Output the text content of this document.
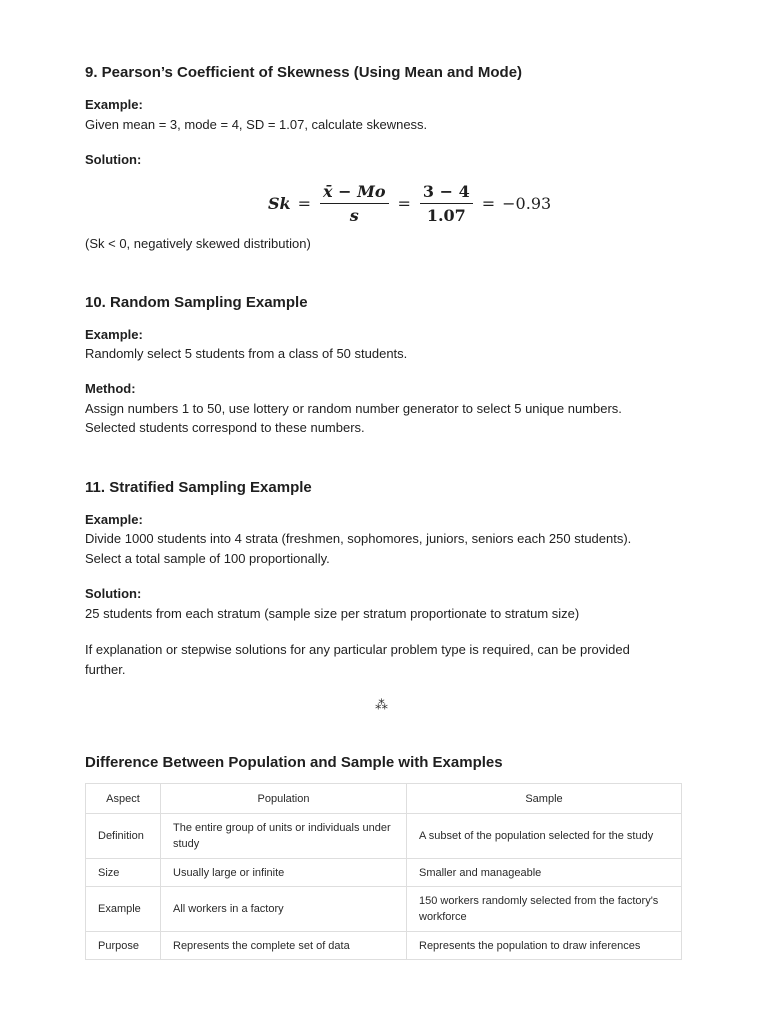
9. Pearson’s Coefficient of Skewness (Using Mean and Mode)
Example:
Given mean = 3, mode = 4, SD = 1.07, calculate skewness.
Solution:
$Sk = \frac{x̄ - Mo}{s} = \frac{3 - 4}{1.07} = -0.93$
(Sk < 0, negatively skewed distribution)
10. Random Sampling Example
Example:
Randomly select 5 students from a class of 50 students.
Method:
Assign numbers 1 to 50, use lottery or random number generator to select 5 unique numbers.
Selected students correspond to these numbers.
11. Stratified Sampling Example
Example:
Divide 1000 students into 4 strata (freshmen, sophomores, juniors, seniors each 250 students).
Select a total sample of 100 proportionally.
Solution:
25 students from each stratum (sample size per stratum proportionate to stratum size)
If explanation or stepwise solutions for any particular problem type is required, can be provided
further.
⁂
Difference Between Population and Sample with Examples
Aspect	Population	Sample
Definition	The entire group of units or individuals under study	A subset of the population selected for the study
Size	Usually large or infinite	Smaller and manageable
Example	All workers in a factory	150 workers randomly selected from the factory's workforce
Purpose	Represents the complete set of data	Represents the population to draw inferences
